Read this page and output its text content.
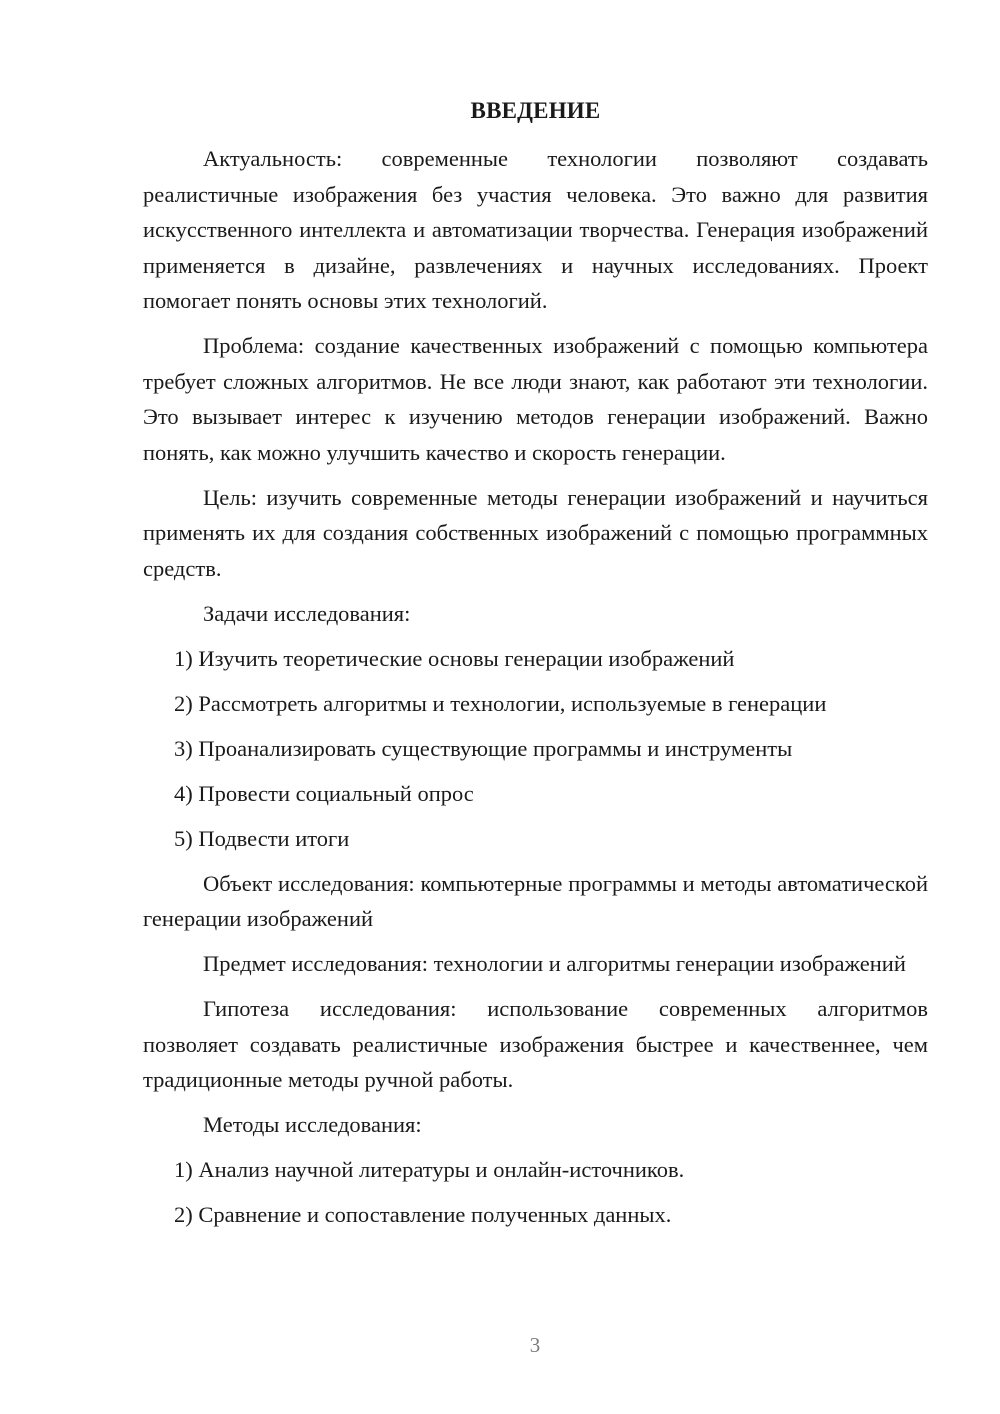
ВВЕДЕНИЕ

Актуальность: современные технологии позволяют создавать реалистичные изображения без участия человека. Это важно для развития искусственного интеллекта и автоматизации творчества. Генерация изображений применяется в дизайне, развлечениях и научных исследованиях. Проект помогает понять основы этих технологий.

Проблема: создание качественных изображений с помощью компьютера требует сложных алгоритмов. Не все люди знают, как работают эти технологии. Это вызывает интерес к изучению методов генерации изображений. Важно понять, как можно улучшить качество и скорость генерации.

Цель: изучить современные методы генерации изображений и научиться применять их для создания собственных изображений с помощью программных средств.

Задачи исследования:

1) Изучить теоретические основы генерации изображений

2) Рассмотреть алгоритмы и технологии, используемые в генерации

3) Проанализировать существующие программы и инструменты

4) Провести социальный опрос

5) Подвести итоги

Объект исследования: компьютерные программы и методы автоматической генерации изображений

Предмет исследования: технологии и алгоритмы генерации изображений

Гипотеза исследования: использование современных алгоритмов позволяет создавать реалистичные изображения быстрее и качественнее, чем традиционные методы ручной работы.

Методы исследования:

1) Анализ научной литературы и онлайн-источников.

2) Сравнение и сопоставление полученных данных.

3
